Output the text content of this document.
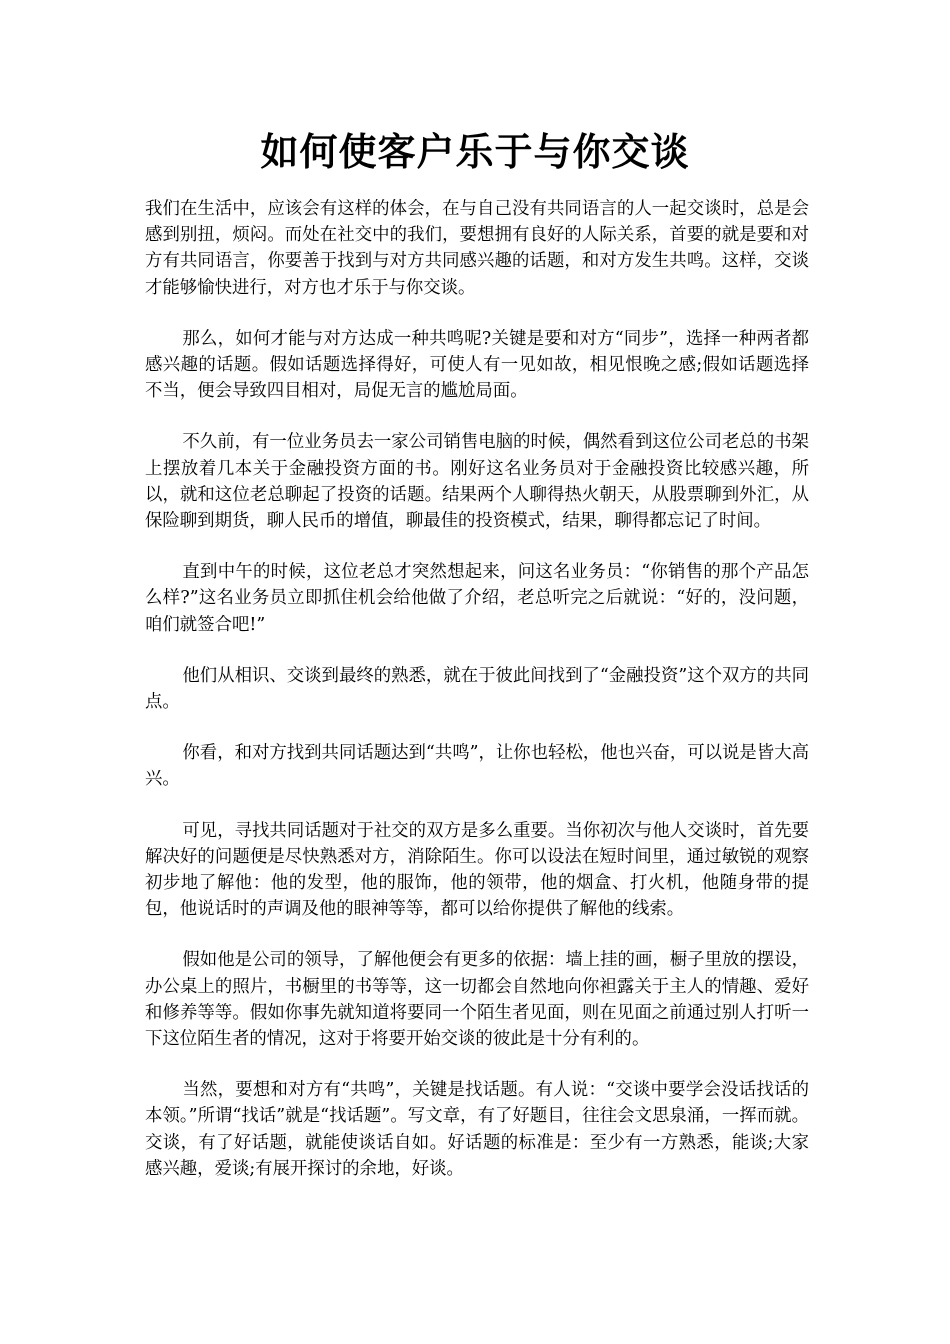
如何使客户乐于与你交谈

我们在生活中，应该会有这样的体会，在与自己没有共同语言的人一起交谈时，总是会感到别扭，烦闷。而处在社交中的我们，要想拥有良好的人际关系，首要的就是要和对方有共同语言，你要善于找到与对方共同感兴趣的话题，和对方发生共鸣。这样，交谈才能够愉快进行，对方也才乐于与你交谈。

那么，如何才能与对方达成一种共鸣呢?关键是要和对方“同步”，选择一种两者都感兴趣的话题。假如话题选择得好，可使人有一见如故，相见恨晚之感;假如话题选择不当，便会导致四目相对，局促无言的尴尬局面。

不久前，有一位业务员去一家公司销售电脑的时候，偶然看到这位公司老总的书架上摆放着几本关于金融投资方面的书。刚好这名业务员对于金融投资比较感兴趣，所以，就和这位老总聊起了投资的话题。结果两个人聊得热火朝天，从股票聊到外汇，从保险聊到期货，聊人民币的增值，聊最佳的投资模式，结果，聊得都忘记了时间。

直到中午的时候，这位老总才突然想起来，问这名业务员：“你销售的那个产品怎么样?”这名业务员立即抓住机会给他做了介绍，老总听完之后就说：“好的，没问题，咱们就签合吧!”

他们从相识、交谈到最终的熟悉，就在于彼此间找到了“金融投资”这个双方的共同点。

你看，和对方找到共同话题达到“共鸣”，让你也轻松，他也兴奋，可以说是皆大高兴。

可见，寻找共同话题对于社交的双方是多么重要。当你初次与他人交谈时，首先要解决好的问题便是尽快熟悉对方，消除陌生。你可以设法在短时间里，通过敏锐的观察初步地了解他：他的发型，他的服饰，他的领带，他的烟盒、打火机，他随身带的提包，他说话时的声调及他的眼神等等，都可以给你提供了解他的线索。

假如他是公司的领导，了解他便会有更多的依据：墙上挂的画，橱子里放的摆设，办公桌上的照片，书橱里的书等等，这一切都会自然地向你袒露关于主人的情趣、爱好和修养等等。假如你事先就知道将要同一个陌生者见面，则在见面之前通过别人打听一下这位陌生者的情况，这对于将要开始交谈的彼此是十分有利的。

当然，要想和对方有“共鸣”，关键是找话题。有人说：“交谈中要学会没话找话的本领。”所谓“找话”就是“找话题”。写文章，有了好题目，往往会文思泉涌，一挥而就。交谈，有了好话题，就能使谈话自如。好话题的标准是：至少有一方熟悉，能谈;大家感兴趣，爱谈;有展开探讨的余地，好谈。
